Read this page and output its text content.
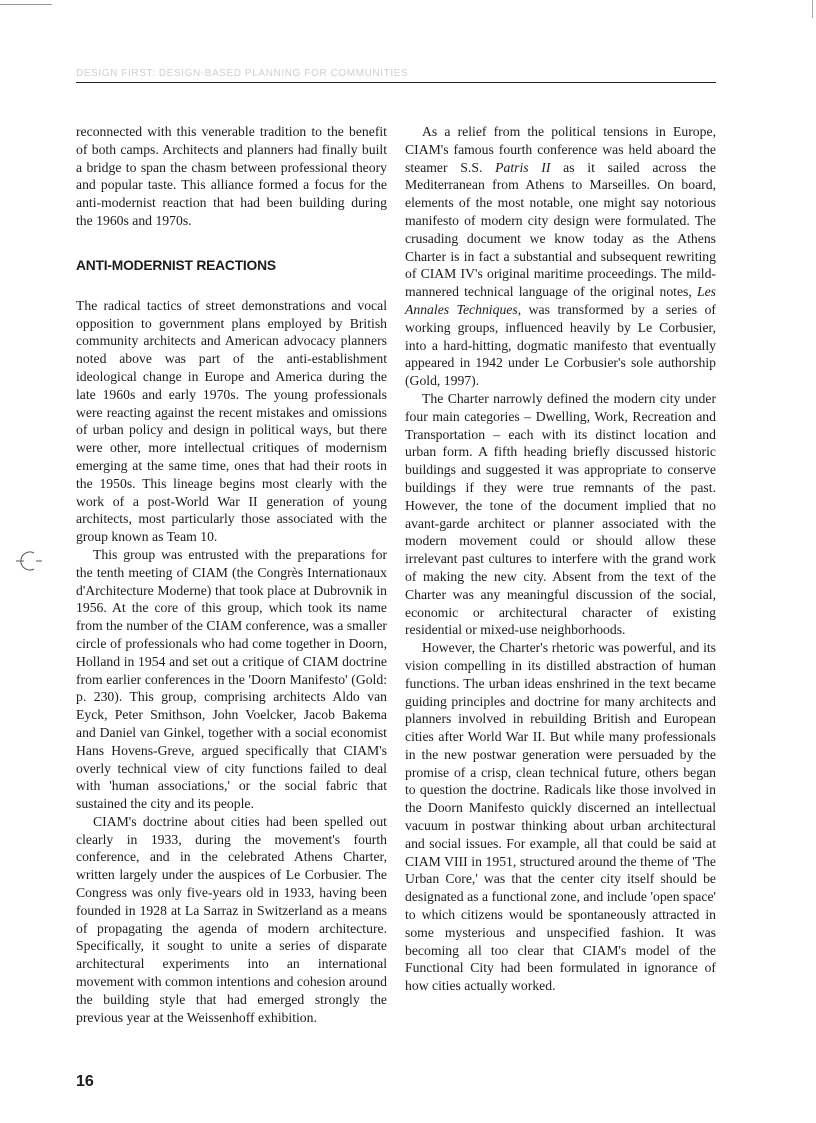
DESIGN FIRST: DESIGN-BASED PLANNING FOR COMMUNITIES

reconnected with this venerable tradition to the benefit of both camps. Architects and planners had finally built a bridge to span the chasm between professional theory and popular taste. This alliance formed a focus for the anti-modernist reaction that had been building during the 1960s and 1970s.

ANTI-MODERNIST REACTIONS

The radical tactics of street demonstrations and vocal opposition to government plans employed by British community architects and American advocacy planners noted above was part of the anti-establishment ideological change in Europe and America during the late 1960s and early 1970s. The young professionals were reacting against the recent mistakes and omissions of urban policy and design in political ways, but there were other, more intellectual critiques of modernism emerging at the same time, ones that had their roots in the 1950s. This lineage begins most clearly with the work of a post-World War II generation of young architects, most particularly those associated with the group known as Team 10.

This group was entrusted with the preparations for the tenth meeting of CIAM (the Congrès Internationaux d'Architecture Moderne) that took place at Dubrovnik in 1956. At the core of this group, which took its name from the number of the CIAM conference, was a smaller circle of professionals who had come together in Doorn, Holland in 1954 and set out a critique of CIAM doctrine from earlier conferences in the 'Doorn Manifesto' (Gold: p. 230). This group, comprising architects Aldo van Eyck, Peter Smithson, John Voelcker, Jacob Bakema and Daniel van Ginkel, together with a social economist Hans Hovens-Greve, argued specifically that CIAM's overly technical view of city functions failed to deal with 'human associations,' or the social fabric that sustained the city and its people.

CIAM's doctrine about cities had been spelled out clearly in 1933, during the movement's fourth conference, and in the celebrated Athens Charter, written largely under the auspices of Le Corbusier. The Congress was only five-years old in 1933, having been founded in 1928 at La Sarraz in Switzerland as a means of propagating the agenda of modern architecture. Specifically, it sought to unite a series of disparate architectural experiments into an international movement with common intentions and cohesion around the building style that had emerged strongly the previous year at the Weissenhoff exhibition.

As a relief from the political tensions in Europe, CIAM's famous fourth conference was held aboard the steamer S.S. Patris II as it sailed across the Mediterranean from Athens to Marseilles. On board, elements of the most notable, one might say notorious manifesto of modern city design were formulated. The crusading document we know today as the Athens Charter is in fact a substantial and subsequent rewriting of CIAM IV's original maritime proceedings. The mild-mannered technical language of the original notes, Les Annales Techniques, was transformed by a series of working groups, influenced heavily by Le Corbusier, into a hard-hitting, dogmatic manifesto that eventually appeared in 1942 under Le Corbusier's sole authorship (Gold, 1997).

The Charter narrowly defined the modern city under four main categories – Dwelling, Work, Recreation and Transportation – each with its distinct location and urban form. A fifth heading briefly discussed historic buildings and suggested it was appropriate to conserve buildings if they were true remnants of the past. However, the tone of the document implied that no avant-garde architect or planner associated with the modern movement could or should allow these irrelevant past cultures to interfere with the grand work of making the new city. Absent from the text of the Charter was any meaningful discussion of the social, economic or architectural character of existing residential or mixed-use neighborhoods.

However, the Charter's rhetoric was powerful, and its vision compelling in its distilled abstraction of human functions. The urban ideas enshrined in the text became guiding principles and doctrine for many architects and planners involved in rebuilding British and European cities after World War II. But while many professionals in the new postwar generation were persuaded by the promise of a crisp, clean technical future, others began to question the doctrine. Radicals like those involved in the Doorn Manifesto quickly discerned an intellectual vacuum in postwar thinking about urban architectural and social issues. For example, all that could be said at CIAM VIII in 1951, structured around the theme of 'The Urban Core,' was that the center city itself should be designated as a functional zone, and include 'open space' to which citizens would be spontaneously attracted in some mysterious and unspecified fashion. It was becoming all too clear that CIAM's model of the Functional City had been formulated in ignorance of how cities actually worked.

16
